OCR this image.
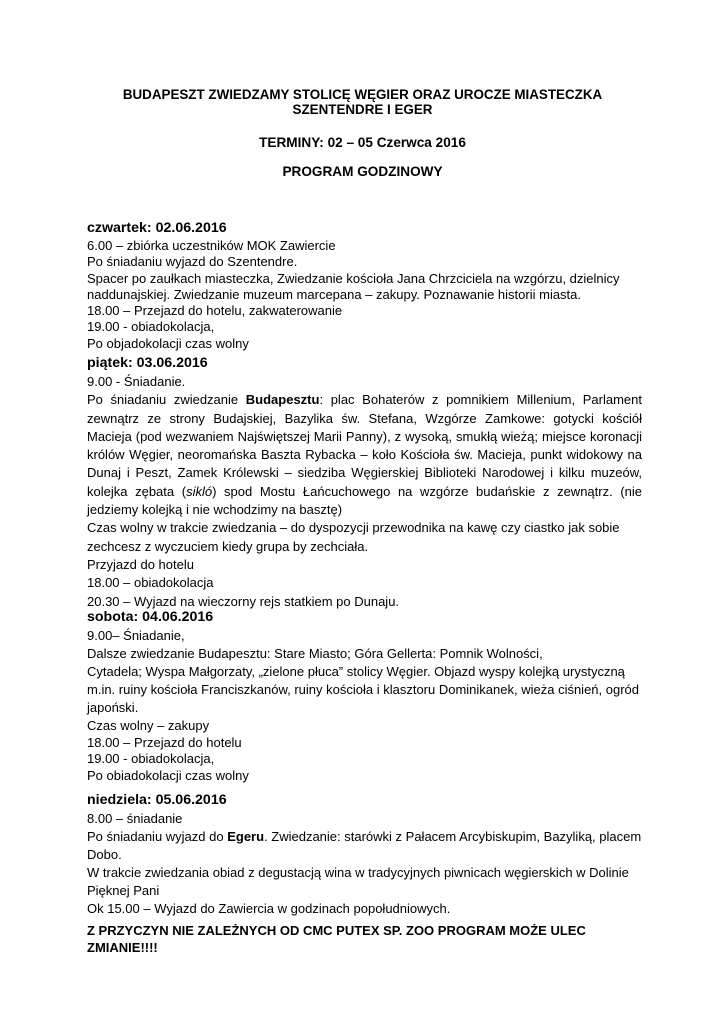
BUDAPESZT ZWIEDZAMY STOLICĘ WĘGIER ORAZ UROCZE MIASTECZKA
SZENTENDRE I EGER
TERMINY: 02 – 05 Czerwca 2016
PROGRAM GODZINOWY
czwartek: 02.06.2016

6.00 – zbiórka uczestników MOK Zawiercie

Po śniadaniu wyjazd do Szentendre.

Spacer po zaułkach miasteczka, Zwiedzanie kościoła Jana Chrzciciela na wzgórzu, dzielnicy naddunajskiej. Zwiedzanie muzeum marcepana – zakupy. Poznawanie historii miasta.

18.00 – Przejazd do hotelu, zakwaterowanie

19.00 - obiadokolacja,

Po objadokolacji czas wolny

piątek: 03.06.2016

9.00 - Śniadanie.

Po śniadaniu zwiedzanie Budapesztu: plac Bohaterów z pomnikiem Millenium, Parlament zewnątrz ze strony Budajskiej, Bazylika św. Stefana, Wzgórze Zamkowe: gotycki kościół Macieja (pod wezwaniem Najświętszej Marii Panny), z wysoką, smukłą wieżą; miejsce koronacji królów Węgier, neoromańska Baszta Rybacka – koło Kościoła św. Macieja, punkt widokowy na Dunaj i Peszt, Zamek Królewski – siedziba Węgierskiej Biblioteki Narodowej i kilku muzeów, kolejka zębata (sikló) spod Mostu Łańcuchowego na wzgórze budańskie z zewnątrz. (nie jedziemy kolejką i nie wchodzimy na basztę)

Czas wolny w trakcie zwiedzania – do dyspozycji przewodnika na kawę czy ciastko jak sobie zechcesz z wyczuciem kiedy grupa by zechciała.

Przyjazd do hotelu

18.00 – obiadokolacja

20.30 – Wyjazd na wieczorny rejs statkiem po Dunaju.

sobota: 04.06.2016

9.00– Śniadanie,

Dalsze zwiedzanie Budapesztu: Stare Miasto; Góra Gellerta: Pomnik Wolności,

Cytadela; Wyspa Małgorzaty, „zielone płuca” stolicy Węgier. Objazd wyspy kolejką urystyczną m.in. ruiny kościoła Franciszkanów, ruiny kościoła i klasztoru Dominikanek, wieża ciśnień, ogród japoński.

Czas wolny – zakupy

18.00 – Przejazd do hotelu

19.00 - obiadokolacja,

Po obiadokolacji czas wolny

niedziela: 05.06.2016

8.00 – śniadanie

Po śniadaniu wyjazd do Egeru. Zwiedzanie: starówki z Pałacem Arcybiskupim, Bazyliką, placem Dobo.

W trakcie zwiedzania obiad z degustacją wina w tradycyjnych piwnicach węgierskich w Dolinie Pięknej Pani

Ok 15.00 – Wyjazd do Zawiercia w godzinach popołudniowych.

Z PRZYCZYN NIE ZALEŻNYCH OD CMC PUTEX SP. ZOO PROGRAM MOŻE ULEC ZMIANIE!!!!
